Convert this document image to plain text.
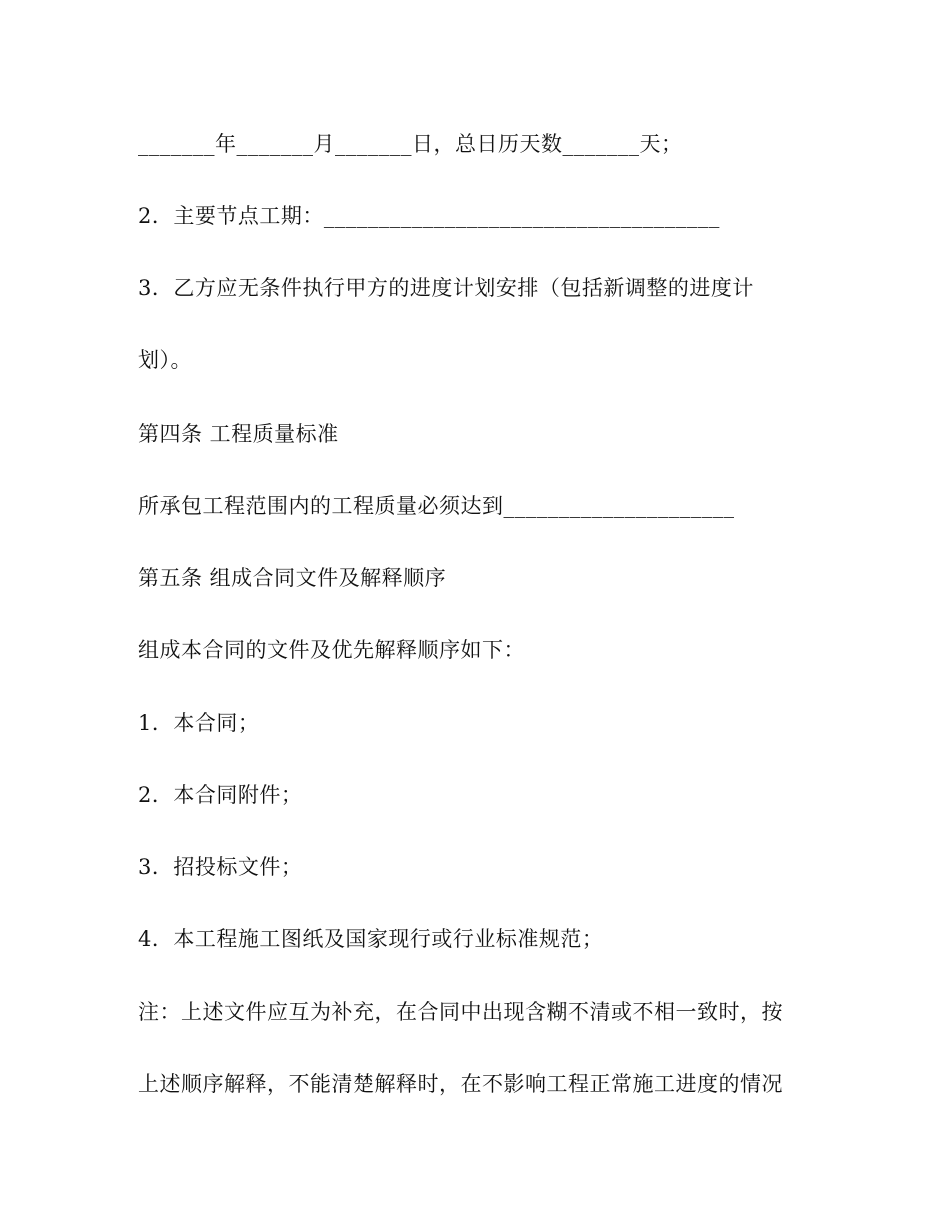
_______年_______月_______日，总日历天数_______天；
2．主要节点工期：____________________________________
3．乙方应无条件执行甲方的进度计划安排（包括新调整的进度计
划）。
第四条 工程质量标准
所承包工程范围内的工程质量必须达到_____________________
第五条 组成合同文件及解释顺序
组成本合同的文件及优先解释顺序如下：
1．本合同；
2．本合同附件；
3．招投标文件；
4．本工程施工图纸及国家现行或行业标准规范；
注：上述文件应互为补充，在合同中出现含糊不清或不相一致时，按
上述顺序解释，不能清楚解释时，在不影响工程正常施工进度的情况
